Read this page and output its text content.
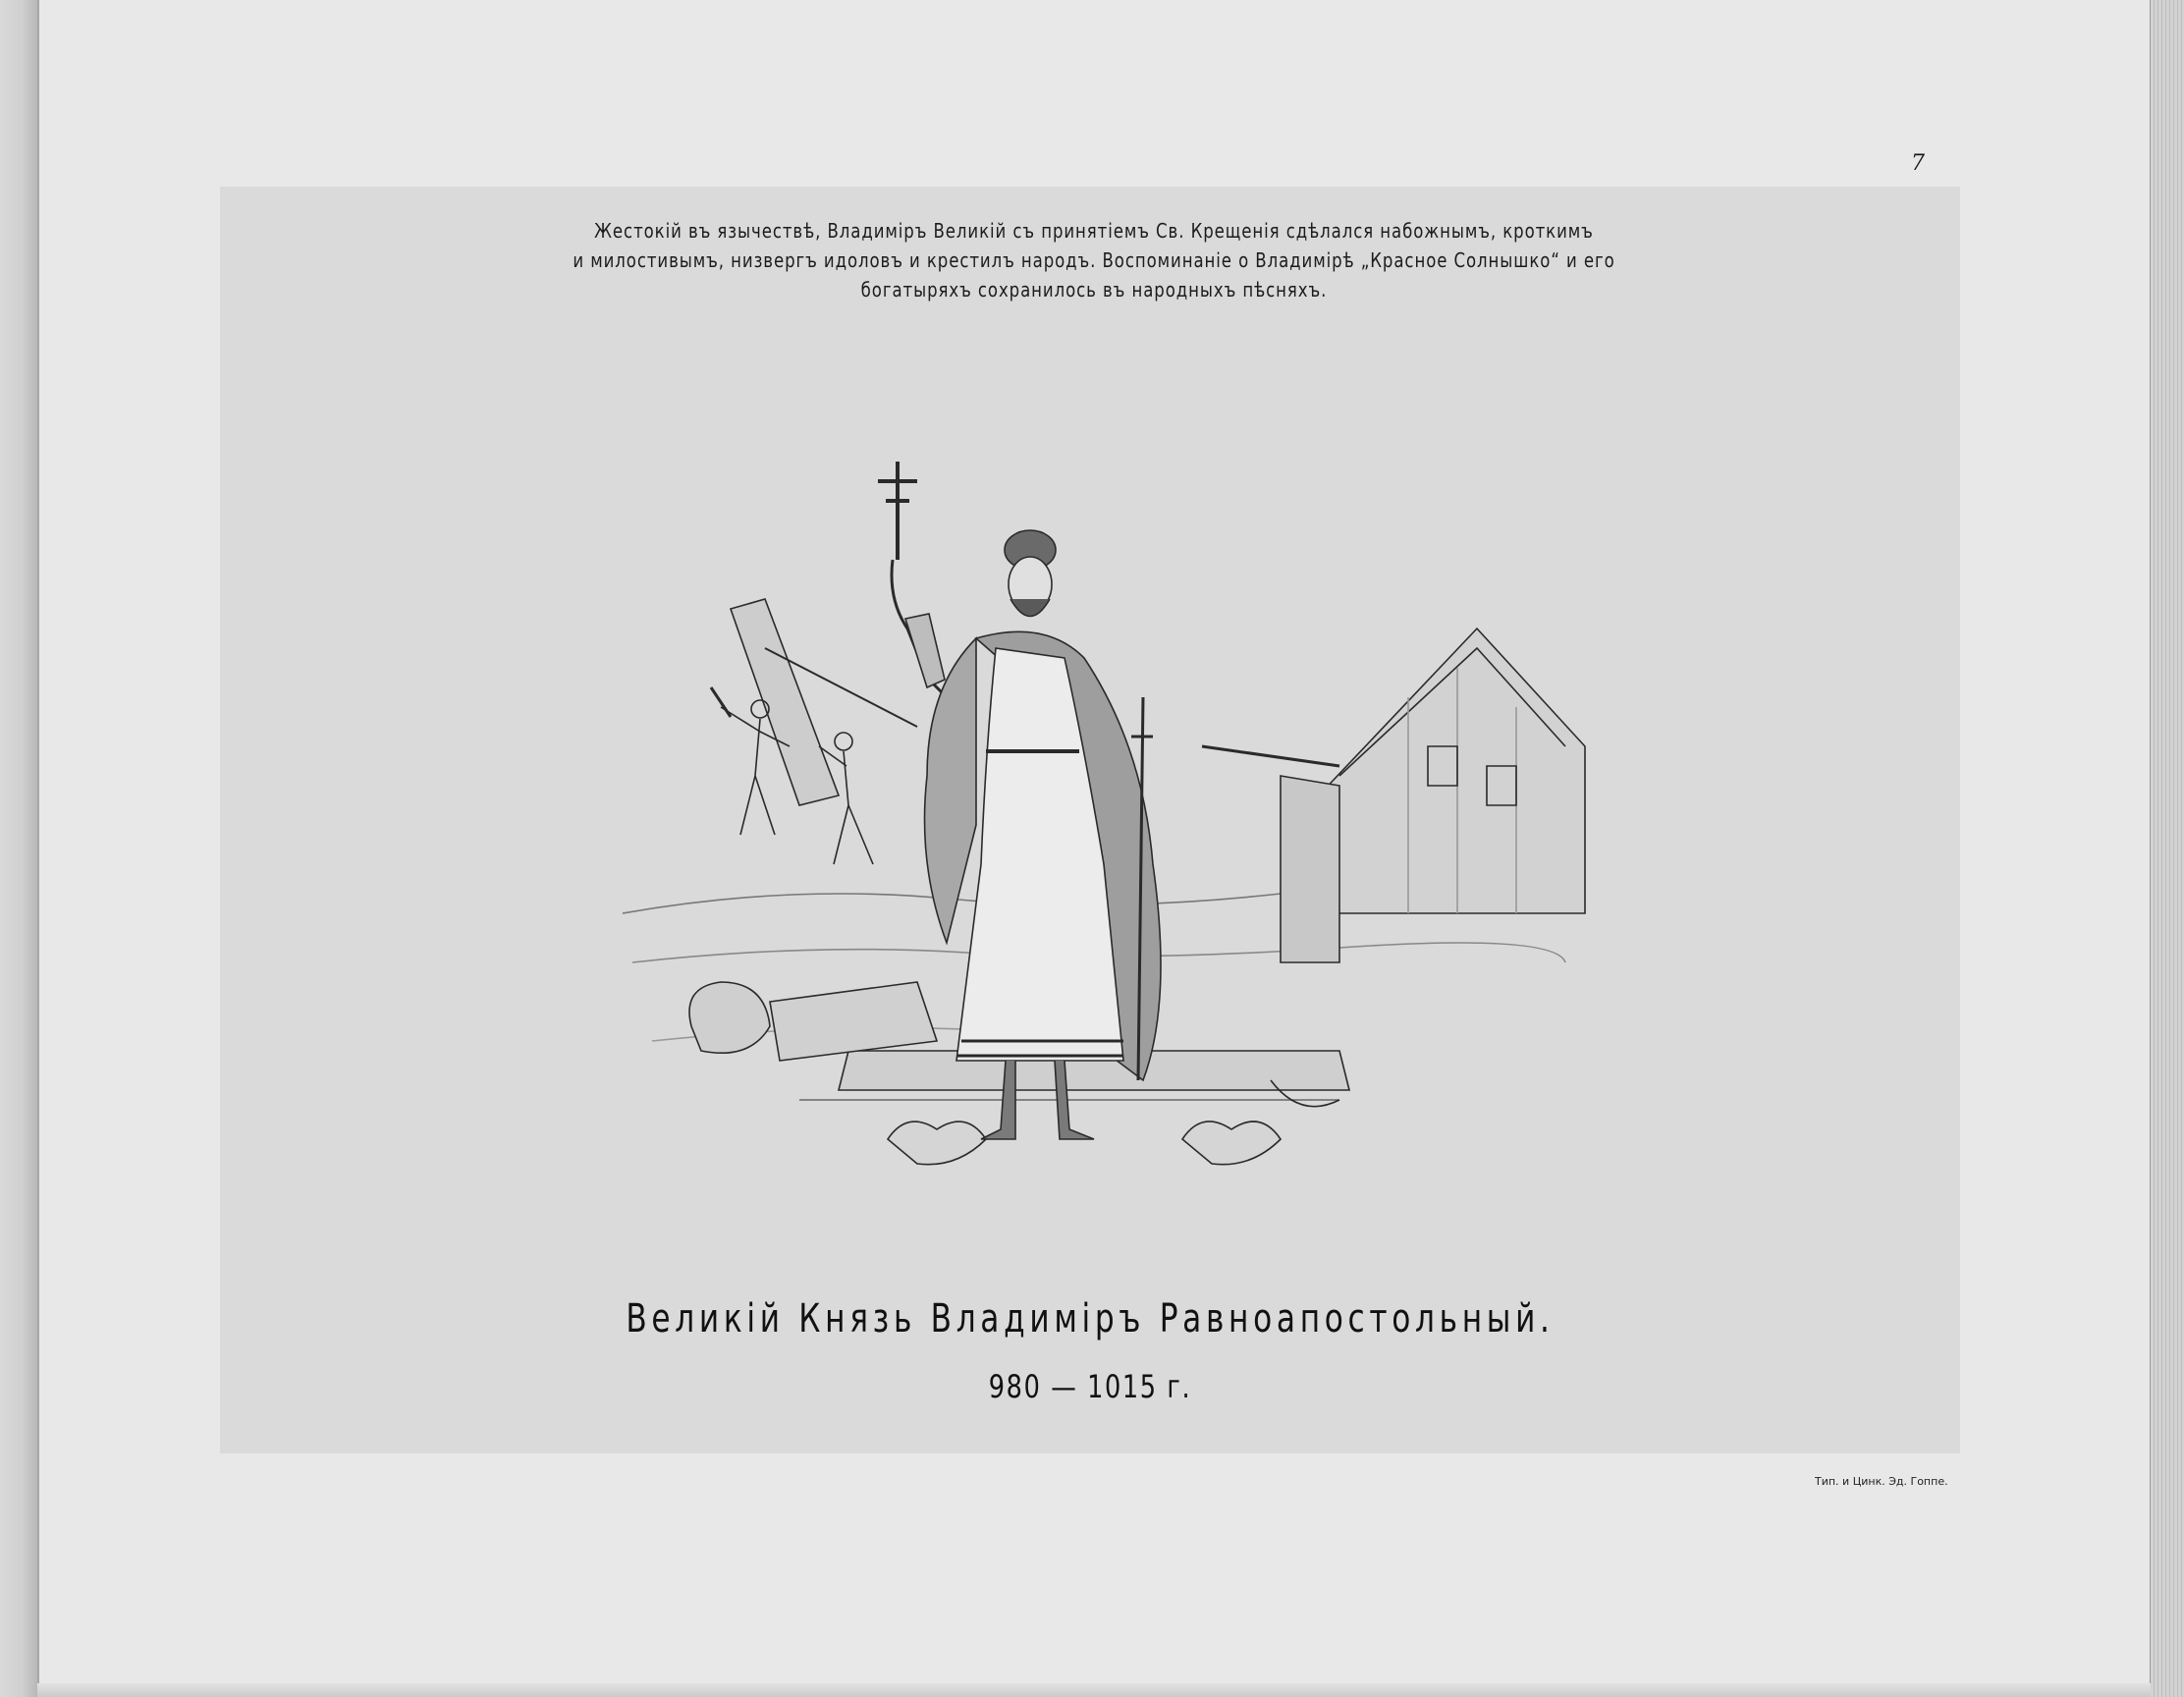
7
Жестокій въ язычествѣ, Владиміръ Великій съ принятіемъ Св. Крещенія сдѣлался набожнымъ, кроткимъ
и милостивымъ, низвергъ идоловъ и крестилъ народъ. Воспоминаніе о Владимірѣ „Красное Солнышко“ и его
богатыряхъ сохранилось въ народныхъ пѣсняхъ.
Великій Князь Владиміръ Равноапостольный.
980 — 1015 г.
Тип. и Цинк. Эд. Гоппе.
